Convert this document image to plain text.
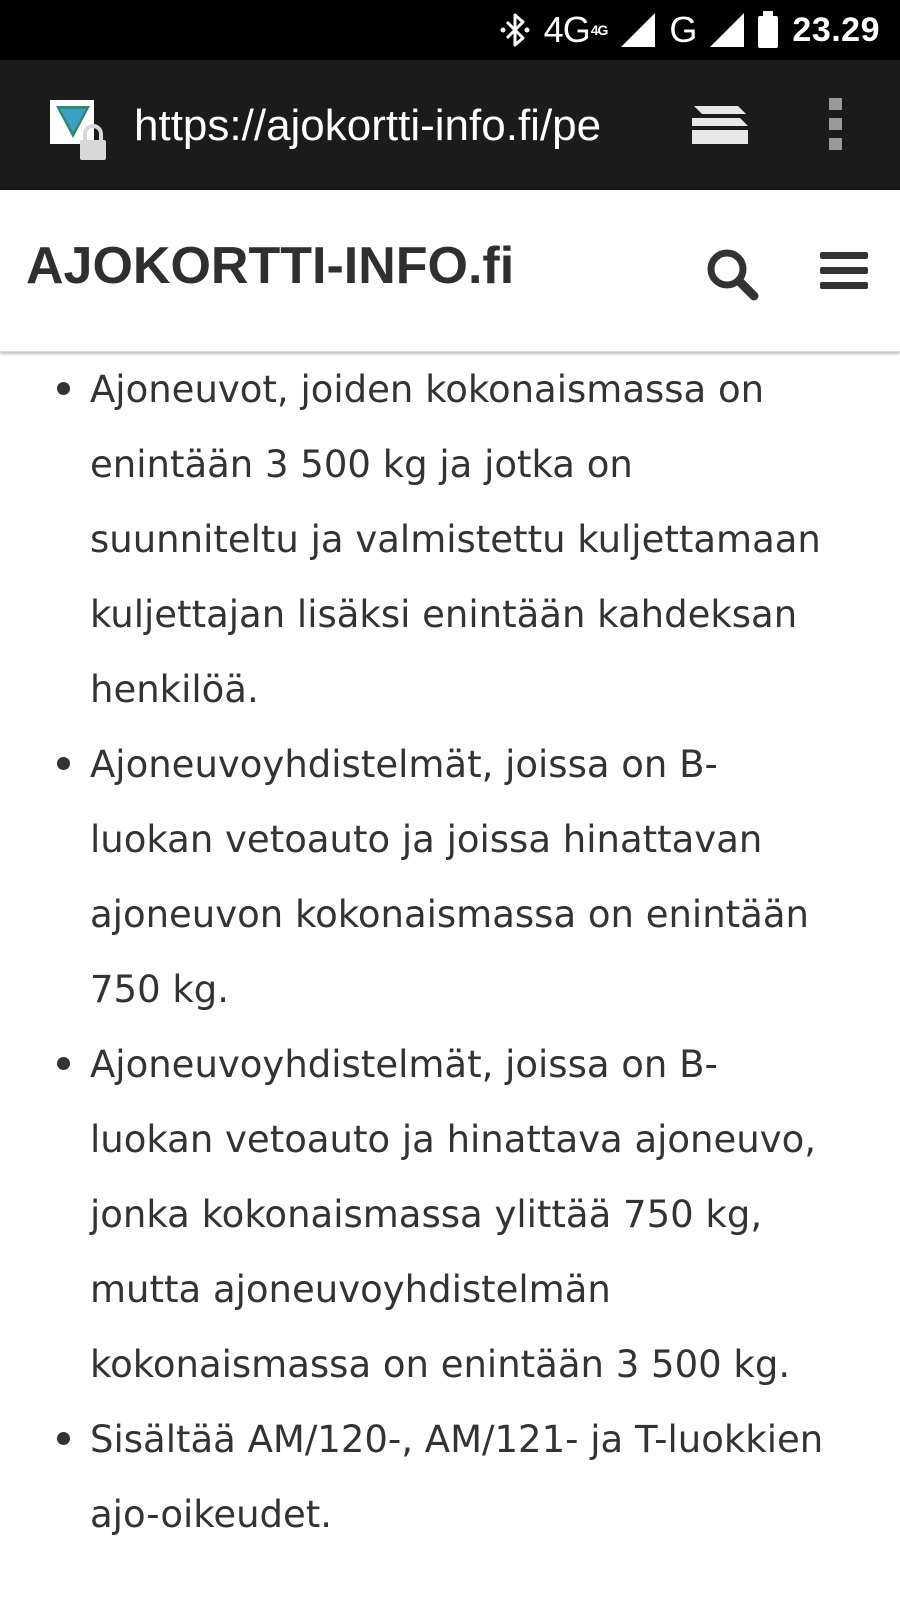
4G 4G G	23.29
https://ajokortti-info.fi/pe
AJOKORTTI-INFO.fi
Ajoneuvot, joiden kokonaismassa on enintään 3 500 kg ja jotka on suunniteltu ja valmistettu kuljettamaan kuljettajan lisäksi enintään kahdeksan henkilöä.
Ajoneuvoyhdistelmät, joissa on B-luokan vetoauto ja joissa hinattavan ajoneuvon kokonaismassa on enintään 750 kg.
Ajoneuvoyhdistelmät, joissa on B-luokan vetoauto ja hinattava ajoneuvo, jonka kokonaismassa ylittää 750 kg, mutta ajoneuvoyhdistelmän kokonaismassa on enintään 3 500 kg.
Sisältää AM/120-, AM/121- ja T-luokkien ajo-oikeudet.
